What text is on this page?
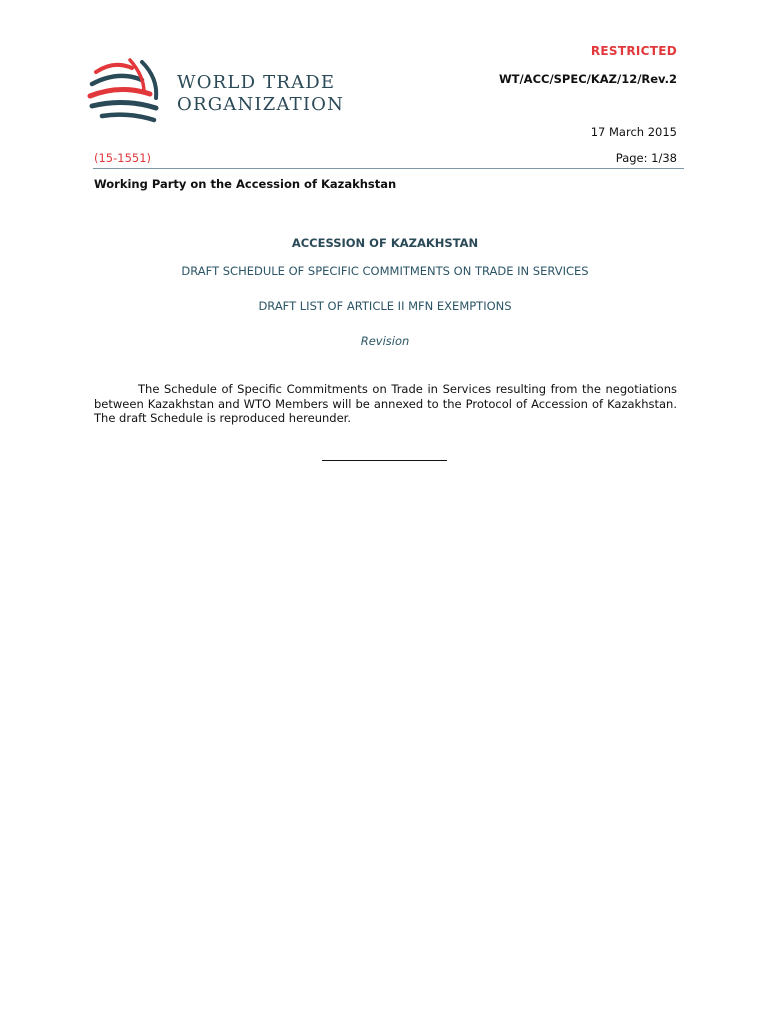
WORLD TRADE
ORGANIZATION
RESTRICTED
WT/ACC/SPEC/KAZ/12/Rev.2
17 March 2015
(15-1551)	Page: 1/38
Working Party on the Accession of Kazakhstan
ACCESSION OF KAZAKHSTAN
DRAFT SCHEDULE OF SPECIFIC COMMITMENTS ON TRADE IN SERVICES
DRAFT LIST OF ARTICLE II MFN EXEMPTIONS
Revision
The Schedule of Specific Commitments on Trade in Services resulting from the negotiations between Kazakhstan and WTO Members will be annexed to the Protocol of Accession of Kazakhstan. The draft Schedule is reproduced hereunder.
